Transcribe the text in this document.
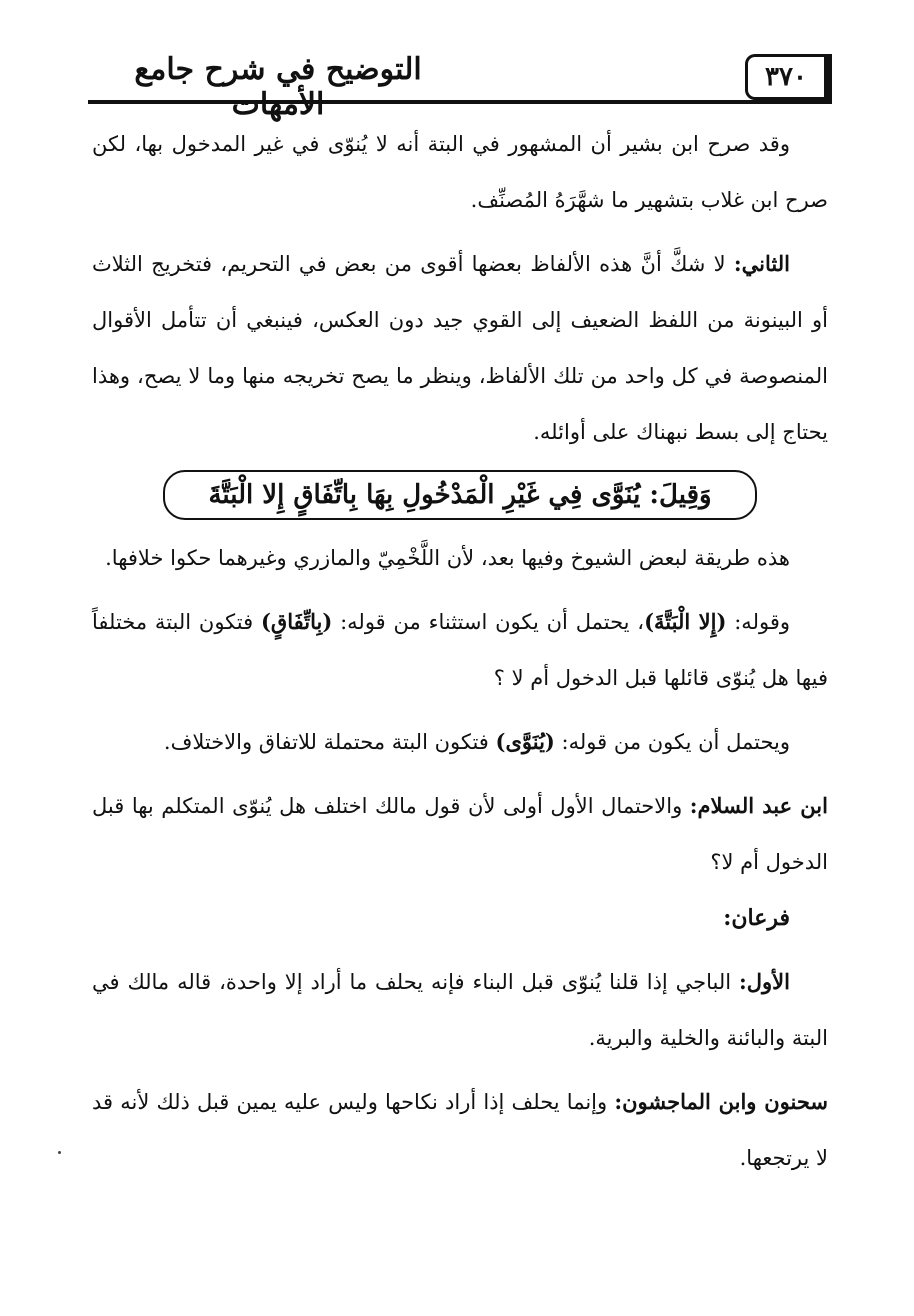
٣٧٠
التوضيح في شرح جامع الأمهات

وقد صرح ابن بشير أن المشهور في البتة أنه لا يُنوّى في غير المدخول بها، لكن صرح ابن غلاب بتشهير ما شهَّرَهُ المُصنِّف.

الثاني: لا شكَّ أنَّ هذه الألفاظ بعضها أقوى من بعض في التحريم، فتخريج الثلاث أو البينونة من اللفظ الضعيف إلى القوي جيد دون العكس، فينبغي أن تتأمل الأقوال المنصوصة في كل واحد من تلك الألفاظ، وينظر ما يصح تخريجه منها وما لا يصح، وهذا يحتاج إلى بسط نبهناك على أوائله.

وَقِيلَ: يُنَوَّى فِي غَيْرِ الْمَدْخُولِ بِهَا بِاتِّفَاقٍ إِلا الْبَتَّةَ

هذه طريقة لبعض الشيوخ وفيها بعد، لأن اللَّخْمِيّ والمازري وغيرهما حكوا خلافها.

وقوله: (إِلا الْبَتَّةَ)، يحتمل أن يكون استثناء من قوله: (بِاتِّفَاقٍ) فتكون البتة مختلفاً فيها هل يُنوّى قائلها قبل الدخول أم لا ؟

ويحتمل أن يكون من قوله: (يُنَوَّى) فتكون البتة محتملة للاتفاق والاختلاف.

ابن عبد السلام: والاحتمال الأول أولى لأن قول مالك اختلف هل يُنوّى المتكلم بها قبل الدخول أم لا؟

فرعان:

الأول: الباجي إذا قلنا يُنوّى قبل البناء فإنه يحلف ما أراد إلا واحدة، قاله مالك في البتة والبائنة والخلية والبرية.

سحنون وابن الماجشون: وإنما يحلف إذا أراد نكاحها وليس عليه يمين قبل ذلك لأنه قد لا يرتجعها.
